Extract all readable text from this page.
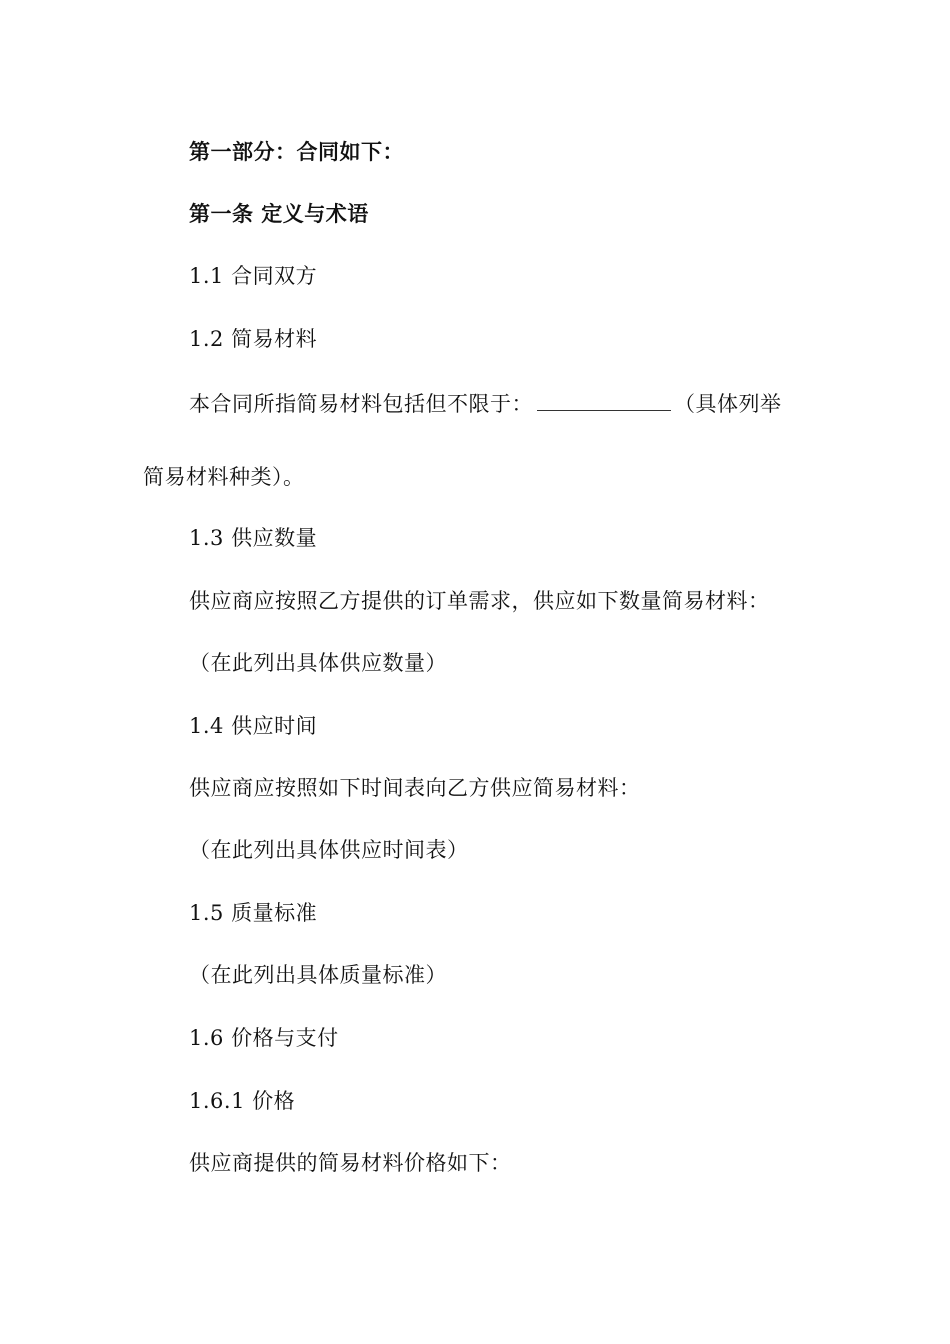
第一部分：合同如下：
第一条 定义与术语
1.1 合同双方
1.2 简易材料
本合同所指简易材料包括但不限于：	（具体列举
简易材料种类）。
1.3 供应数量
供应商应按照乙方提供的订单需求，供应如下数量简易材料：
（在此列出具体供应数量）
1.4 供应时间
供应商应按照如下时间表向乙方供应简易材料：
（在此列出具体供应时间表）
1.5 质量标准
（在此列出具体质量标准）
1.6 价格与支付
1.6.1 价格
供应商提供的简易材料价格如下：
